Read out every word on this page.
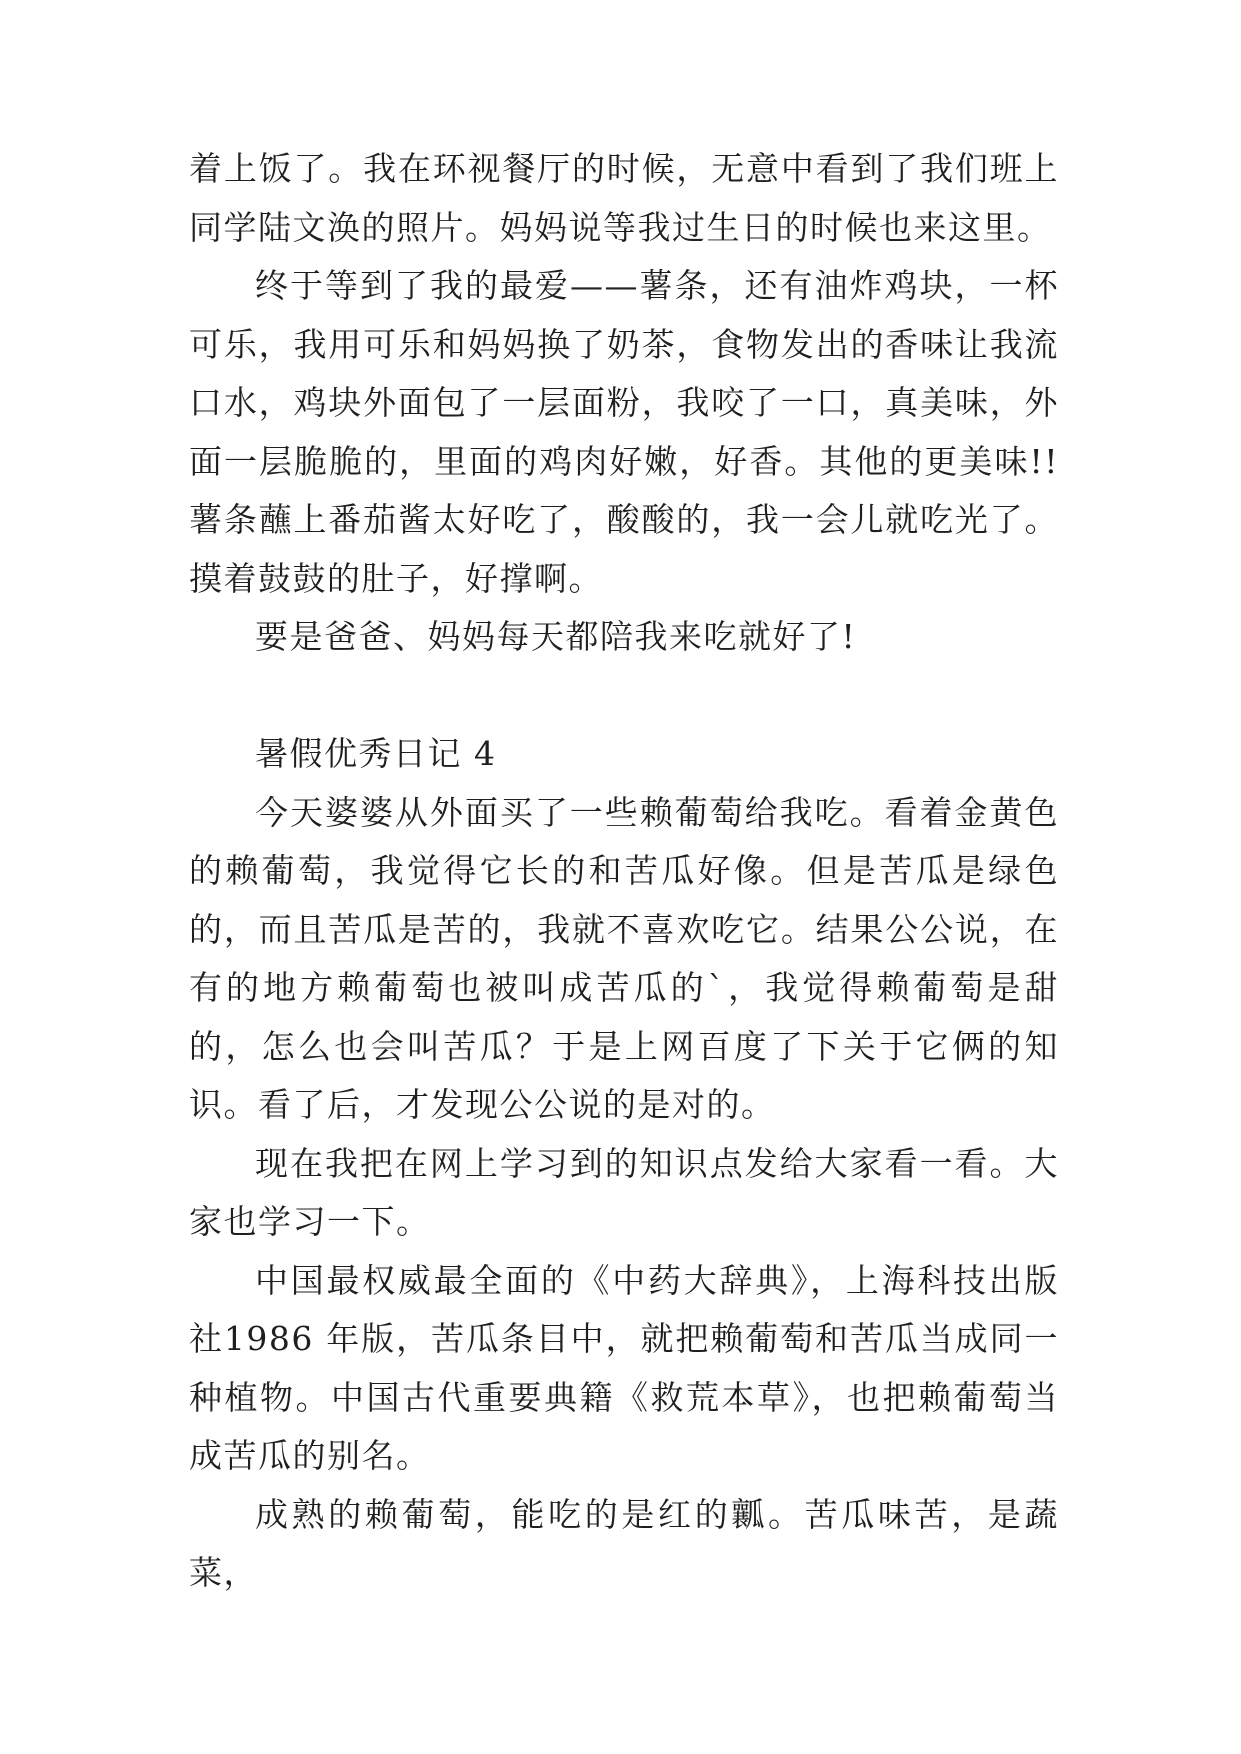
着上饭了。我在环视餐厅的时候，无意中看到了我们班上同学陆文涣的照片。妈妈说等我过生日的时候也来这里。

终于等到了我的最爱——薯条，还有油炸鸡块，一杯可乐，我用可乐和妈妈换了奶茶，食物发出的香味让我流口水，鸡块外面包了一层面粉，我咬了一口，真美味，外面一层脆脆的，里面的鸡肉好嫩，好香。其他的更美味!!薯条蘸上番茄酱太好吃了，酸酸的，我一会儿就吃光了。摸着鼓鼓的肚子，好撑啊。

要是爸爸、妈妈每天都陪我来吃就好了!

暑假优秀日记 4

今天婆婆从外面买了一些赖葡萄给我吃。看着金黄色的赖葡萄，我觉得它长的和苦瓜好像。但是苦瓜是绿色的，而且苦瓜是苦的，我就不喜欢吃它。结果公公说，在有的地方赖葡萄也被叫成苦瓜的`，我觉得赖葡萄是甜的，怎么也会叫苦瓜？于是上网百度了下关于它俩的知识。看了后，才发现公公说的是对的。

现在我把在网上学习到的知识点发给大家看一看。大家也学习一下。

中国最权威最全面的《中药大辞典》，上海科技出版社1986 年版，苦瓜条目中，就把赖葡萄和苦瓜当成同一种植物。中国古代重要典籍《救荒本草》，也把赖葡萄当成苦瓜的别名。

成熟的赖葡萄，能吃的是红的瓤。苦瓜味苦，是蔬菜，
